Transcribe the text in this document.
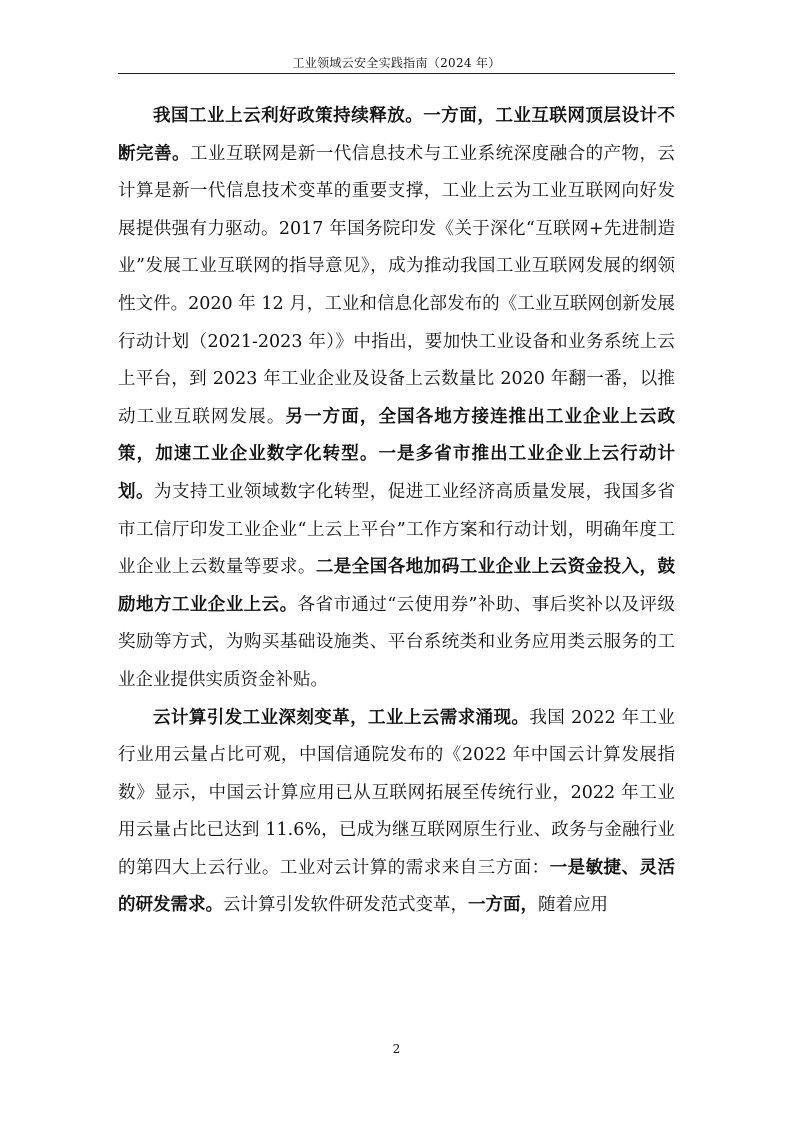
工业领域云安全实践指南（2024 年）

我国工业上云利好政策持续释放。一方面，工业互联网顶层设计不断完善。工业互联网是新一代信息技术与工业系统深度融合的产物，云计算是新一代信息技术变革的重要支撑，工业上云为工业互联网向好发展提供强有力驱动。2017 年国务院印发《关于深化“互联网+先进制造业”发展工业互联网的指导意见》，成为推动我国工业互联网发展的纲领性文件。2020 年 12 月，工业和信息化部发布的《工业互联网创新发展行动计划（2021-2023 年）》中指出，要加快工业设备和业务系统上云上平台，到 2023 年工业企业及设备上云数量比 2020 年翻一番，以推动工业互联网发展。另一方面，全国各地方接连推出工业企业上云政策，加速工业企业数字化转型。一是多省市推出工业企业上云行动计划。为支持工业领域数字化转型，促进工业经济高质量发展，我国多省市工信厅印发工业企业“上云上平台”工作方案和行动计划，明确年度工业企业上云数量等要求。二是全国各地加码工业企业上云资金投入，鼓励地方工业企业上云。各省市通过“云使用券”补助、事后奖补以及评级奖励等方式，为购买基础设施类、平台系统类和业务应用类云服务的工业企业提供实质资金补贴。

云计算引发工业深刻变革，工业上云需求涌现。我国 2022 年工业行业用云量占比可观，中国信通院发布的《2022 年中国云计算发展指数》显示，中国云计算应用已从互联网拓展至传统行业，2022 年工业用云量占比已达到 11.6%，已成为继互联网原生行业、政务与金融行业的第四大上云行业。工业对云计算的需求来自三方面：一是敏捷、灵活的研发需求。云计算引发软件研发范式变革，一方面，随着应用

2
